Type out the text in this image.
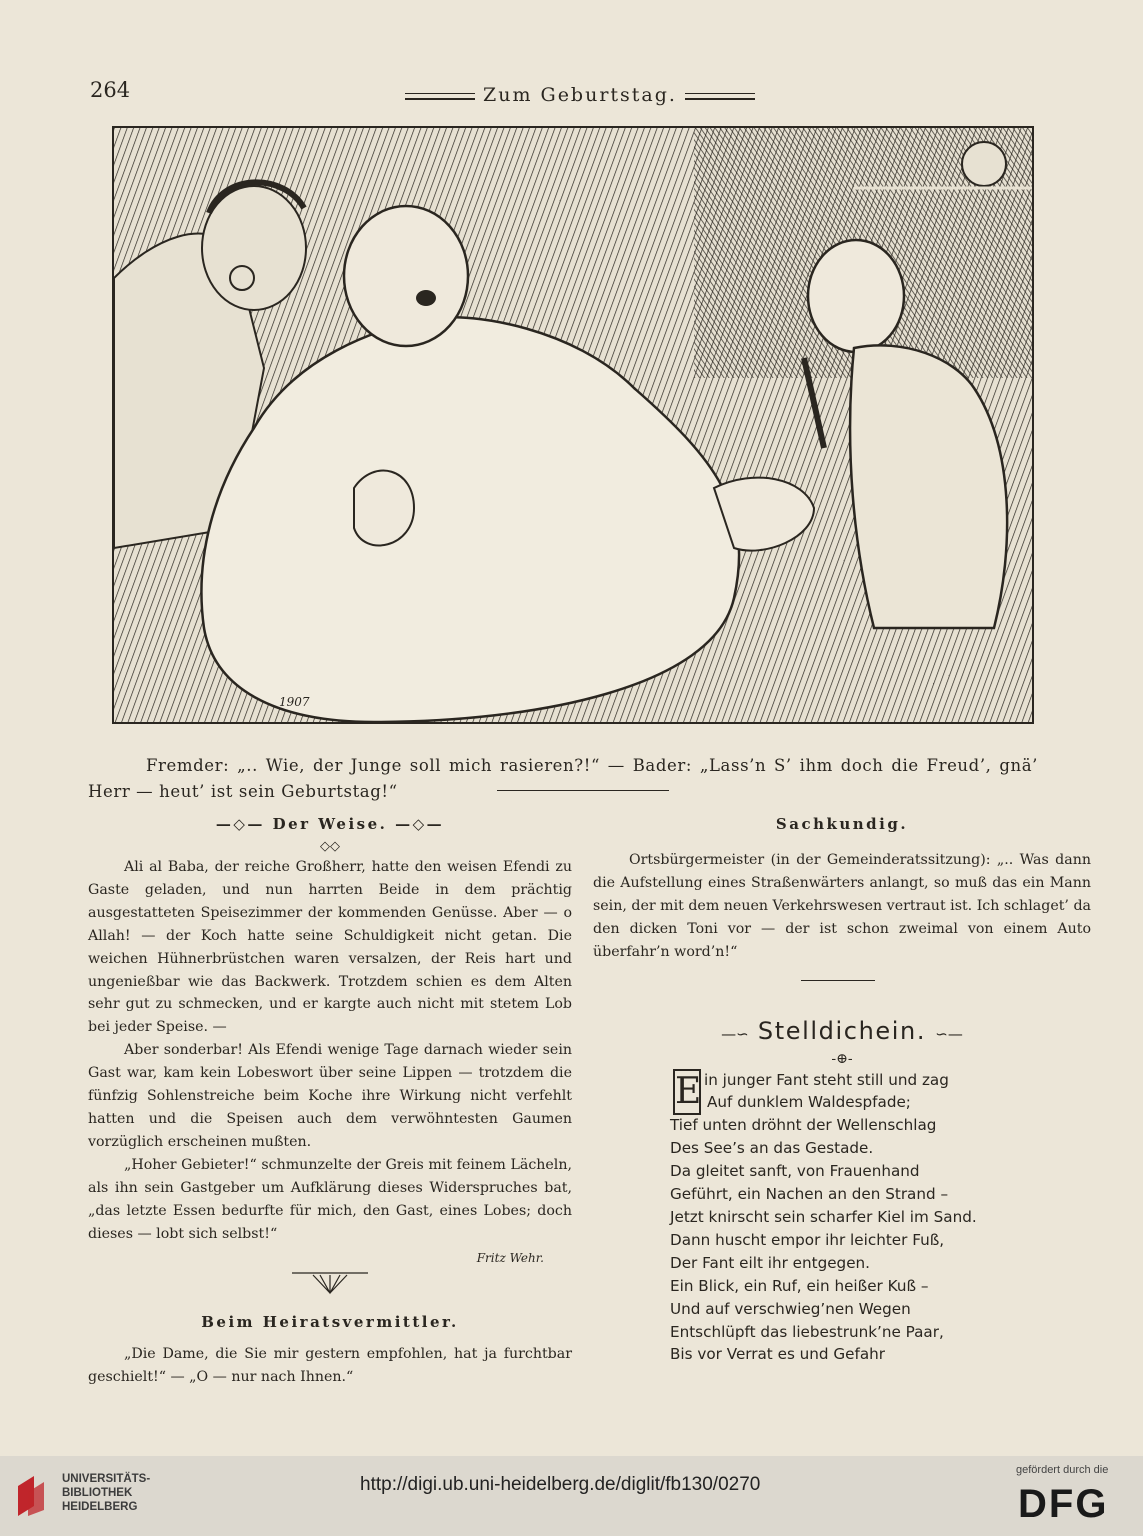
264	Zum Geburtstag.
1907

Fremder: „.. Wie, der Junge soll mich rasieren?!“ — Bader: „Lass’n S’ ihm doch die Freud’, gnä’ Herr — heut’ ist sein Geburtstag!“

—◇— Der Weise. —◇—

◇◇

Ali al Baba, der reiche Großherr, hatte den weisen Efendi zu Gaste geladen, und nun harrten Beide in dem prächtig ausgestatteten Speisezimmer der kommenden Genüsse. Aber — o Allah! — der Koch hatte seine Schuldigkeit nicht getan. Die weichen Hühnerbrüstchen waren versalzen, der Reis hart und ungenießbar wie das Backwerk. Trotzdem schien es dem Alten sehr gut zu schmecken, und er kargte auch nicht mit stetem Lob bei jeder Speise. —

Aber sonderbar! Als Efendi wenige Tage darnach wieder sein Gast war, kam kein Lobeswort über seine Lippen — trotzdem die fünfzig Sohlenstreiche beim Koche ihre Wirkung nicht verfehlt hatten und die Speisen auch dem verwöhntesten Gaumen vorzüglich erscheinen mußten.

„Hoher Gebieter!“ schmunzelte der Greis mit feinem Lächeln, als ihn sein Gastgeber um Aufklärung dieses Widerspruches bat, „das letzte Essen bedurfte für mich, den Gast, eines Lobes; doch dieses — lobt sich selbst!“

Fritz Wehr.

Beim Heiratsvermittler.

„Die Dame, die Sie mir gestern empfohlen, hat ja furchtbar geschielt!“ — „O — nur nach Ihnen.“

Sachkundig.

Ortsbürgermeister (in der Gemeinderatssitzung): „.. Was dann die Aufstellung eines Straßenwärters anlangt, so muß das ein Mann sein, der mit dem neuen Verkehrswesen vertraut ist. Ich schlaget’ da den dicken Toni vor — der ist schon zweimal von einem Auto überfahr’n word’n!“

—∽ Stelldichein. ∽—

-⊕-
E in junger Fant steht still und zag
Auf dunklem Waldespfade;
Tief unten dröhnt der Wellenschlag
Des See’s an das Gestade.
Da gleitet sanft, von Frauenhand
Geführt, ein Nachen an den Strand –
Jetzt knirscht sein scharfer Kiel im Sand.
Dann huscht empor ihr leichter Fuß,
Der Fant eilt ihr entgegen.
Ein Blick, ein Ruf, ein heißer Kuß –
Und auf verschwieg’nen Wegen
Entschlüpft das liebestrunk’ne Paar,
Bis vor Verrat es und Gefahr
UNIVERSITÄTS-
BIBLIOTHEK
HEIDELBERG
http://digi.ub.uni-heidelberg.de/diglit/fb130/0270
gefördert durch die
DFG
